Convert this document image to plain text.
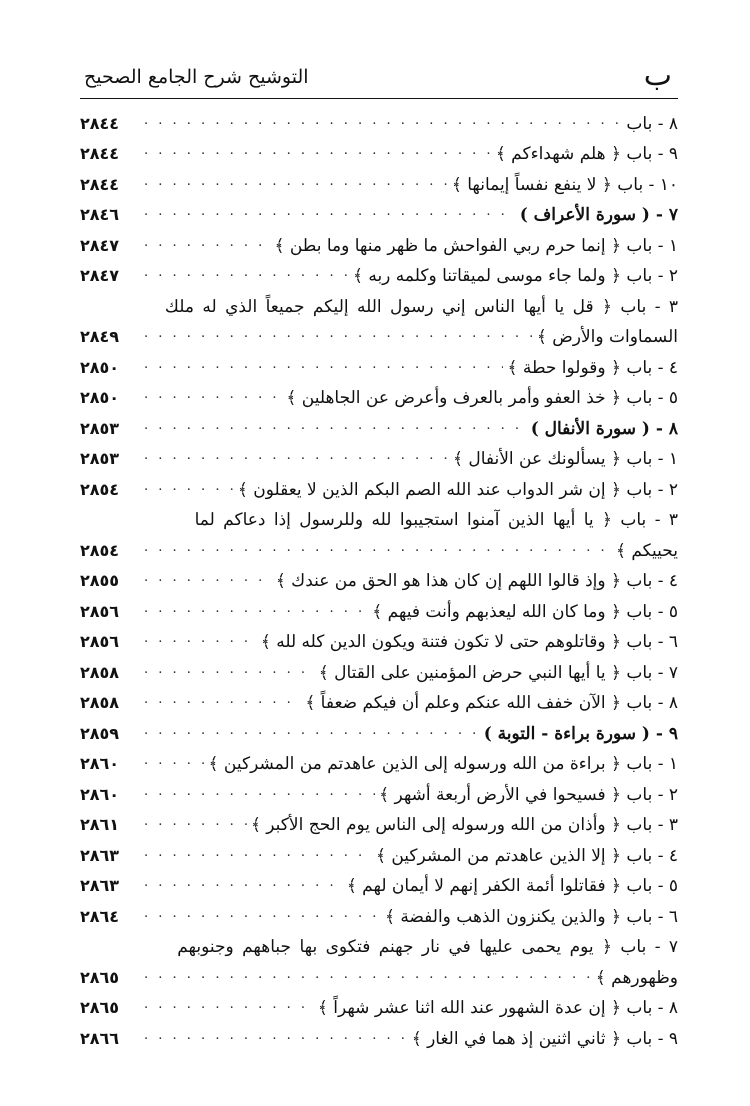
ب
التوشيح شرح الجامع الصحيح
٨ - باب
. . .
٢٨٤٤
٩ - باب ﴿ هلم شهداءكم ﴾
. . .
٢٨٤٤
١٠ - باب ﴿ لا ينفع نفساً إيمانها ﴾
. . .
٢٨٤٤
٧ - ( سورة الأعراف )
. . .
٢٨٤٦
١ - باب ﴿ إنما حرم ربي الفواحش ما ظهر منها وما بطن ﴾
. . .
٢٨٤٧
٢ - باب ﴿ ولما جاء موسى لميقاتنا وكلمه ربه ﴾
. . .
٢٨٤٧
٣ - باب ﴿ قل يا أيها الناس إني رسول الله إليكم جميعاً الذي له ملك
السماوات والأرض ﴾
. . .
٢٨٤٩
٤ - باب ﴿ وقولوا حطة ﴾
. . .
٢٨٥٠
٥ - باب ﴿ خذ العفو وأمر بالعرف وأعرض عن الجاهلين ﴾
. . .
٢٨٥٠
٨ - ( سورة الأنفال )
. . .
٢٨٥٣
١ - باب ﴿ يسألونك عن الأنفال ﴾
. . .
٢٨٥٣
٢ - باب ﴿ إن شر الدواب عند الله الصم البكم الذين لا يعقلون ﴾
. . .
٢٨٥٤
٣ - باب ﴿ يا أيها الذين آمنوا استجيبوا لله وللرسول إذا دعاكم لما
يحييكم ﴾
. . .
٢٨٥٤
٤ - باب ﴿ وإذ قالوا اللهم إن كان هذا هو الحق من عندك ﴾
. . .
٢٨٥٥
٥ - باب ﴿ وما كان الله ليعذبهم وأنت فيهم ﴾
. . .
٢٨٥٦
٦ - باب ﴿ وقاتلوهم حتى لا تكون فتنة ويكون الدين كله لله ﴾
. . .
٢٨٥٦
٧ - باب ﴿ يا أيها النبي حرض المؤمنين على القتال ﴾
. . .
٢٨٥٨
٨ - باب ﴿ الآن خفف الله عنكم وعلم أن فيكم ضعفاً ﴾
. . .
٢٨٥٨
٩ - ( سورة براءة - التوبة )
. . .
٢٨٥٩
١ - باب ﴿ براءة من الله ورسوله إلى الذين عاهدتم من المشركين ﴾
. . .
٢٨٦٠
٢ - باب ﴿ فسيحوا في الأرض أربعة أشهر ﴾
. . .
٢٨٦٠
٣ - باب ﴿ وأذان من الله ورسوله إلى الناس يوم الحج الأكبر ﴾
. . .
٢٨٦١
٤ - باب ﴿ إلا الذين عاهدتم من المشركين ﴾
. . .
٢٨٦٣
٥ - باب ﴿ فقاتلوا أئمة الكفر إنهم لا أيمان لهم ﴾
. . .
٢٨٦٣
٦ - باب ﴿ والذين يكنزون الذهب والفضة ﴾
. . .
٢٨٦٤
٧ - باب ﴿ يوم يحمى عليها في نار جهنم فتكوى بها جباههم وجنوبهم
وظهورهم ﴾
. . .
٢٨٦٥
٨ - باب ﴿ إن عدة الشهور عند الله اثنا عشر شهراً ﴾
. . .
٢٨٦٥
٩ - باب ﴿ ثاني اثنين إذ هما في الغار ﴾
. . .
٢٨٦٦
